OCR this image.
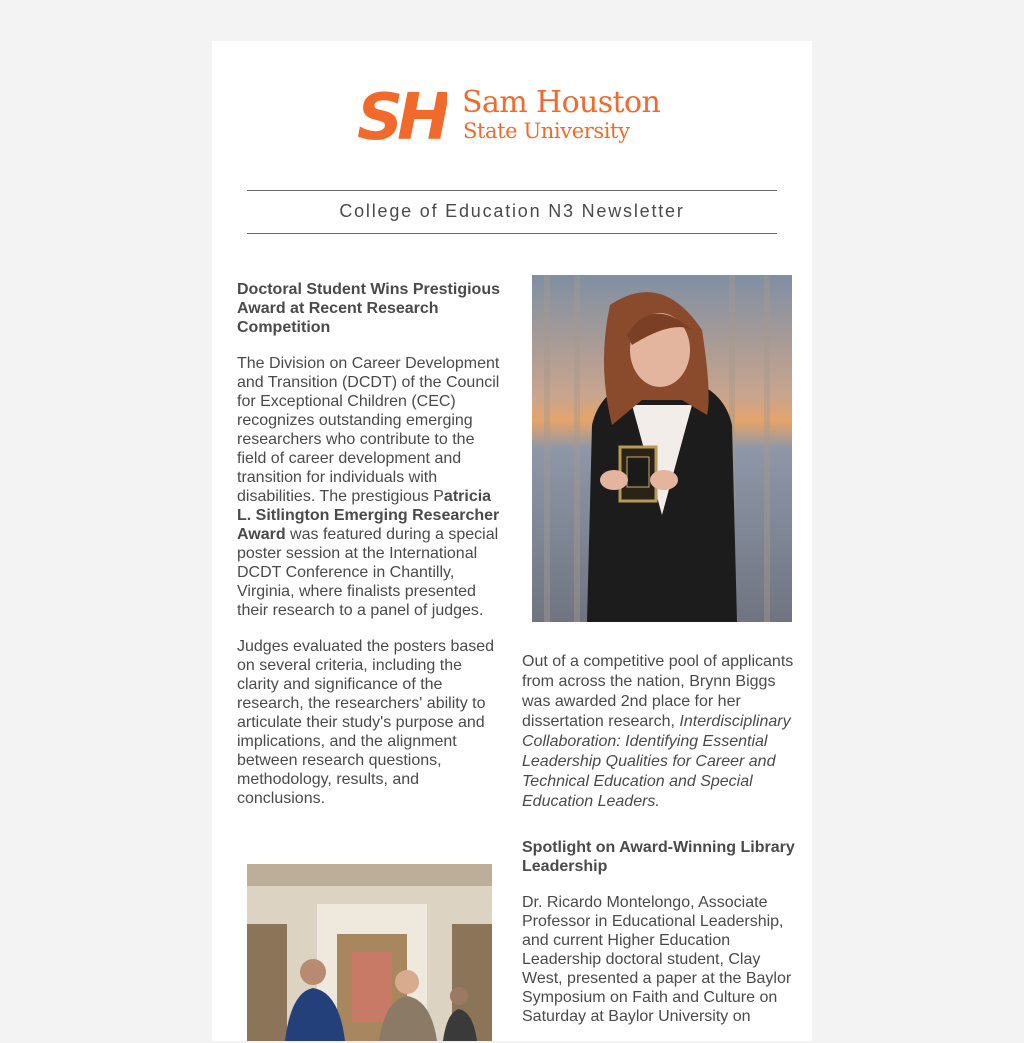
SH Sam Houston
State University
College of Education N3 Newsletter

Doctoral Student Wins Prestigious Award at Recent Research Competition

The Division on Career Development and Transition (DCDT) of the Council for Exceptional Children (CEC) recognizes outstanding emerging researchers who contribute to the field of career development and transition for individuals with disabilities. The prestigious Patricia L. Sitlington Emerging Researcher Award was featured during a special poster session at the International DCDT Conference in Chantilly, Virginia, where finalists presented their research to a panel of judges.

Judges evaluated the posters based on several criteria, including the clarity and significance of the research, the researchers' ability to articulate their study's purpose and implications, and the alignment between research questions, methodology, results, and conclusions.

Out of a competitive pool of applicants from across the nation, Brynn Biggs was awarded 2nd place for her dissertation research, Interdisciplinary Collaboration: Identifying Essential Leadership Qualities for Career and Technical Education and Special Education Leaders.

Spotlight on Award-Winning Library Leadership

Dr. Ricardo Montelongo, Associate Professor in Educational Leadership, and current Higher Education Leadership doctoral student, Clay West, presented a paper at the Baylor Symposium on Faith and Culture on Saturday at Baylor University on
